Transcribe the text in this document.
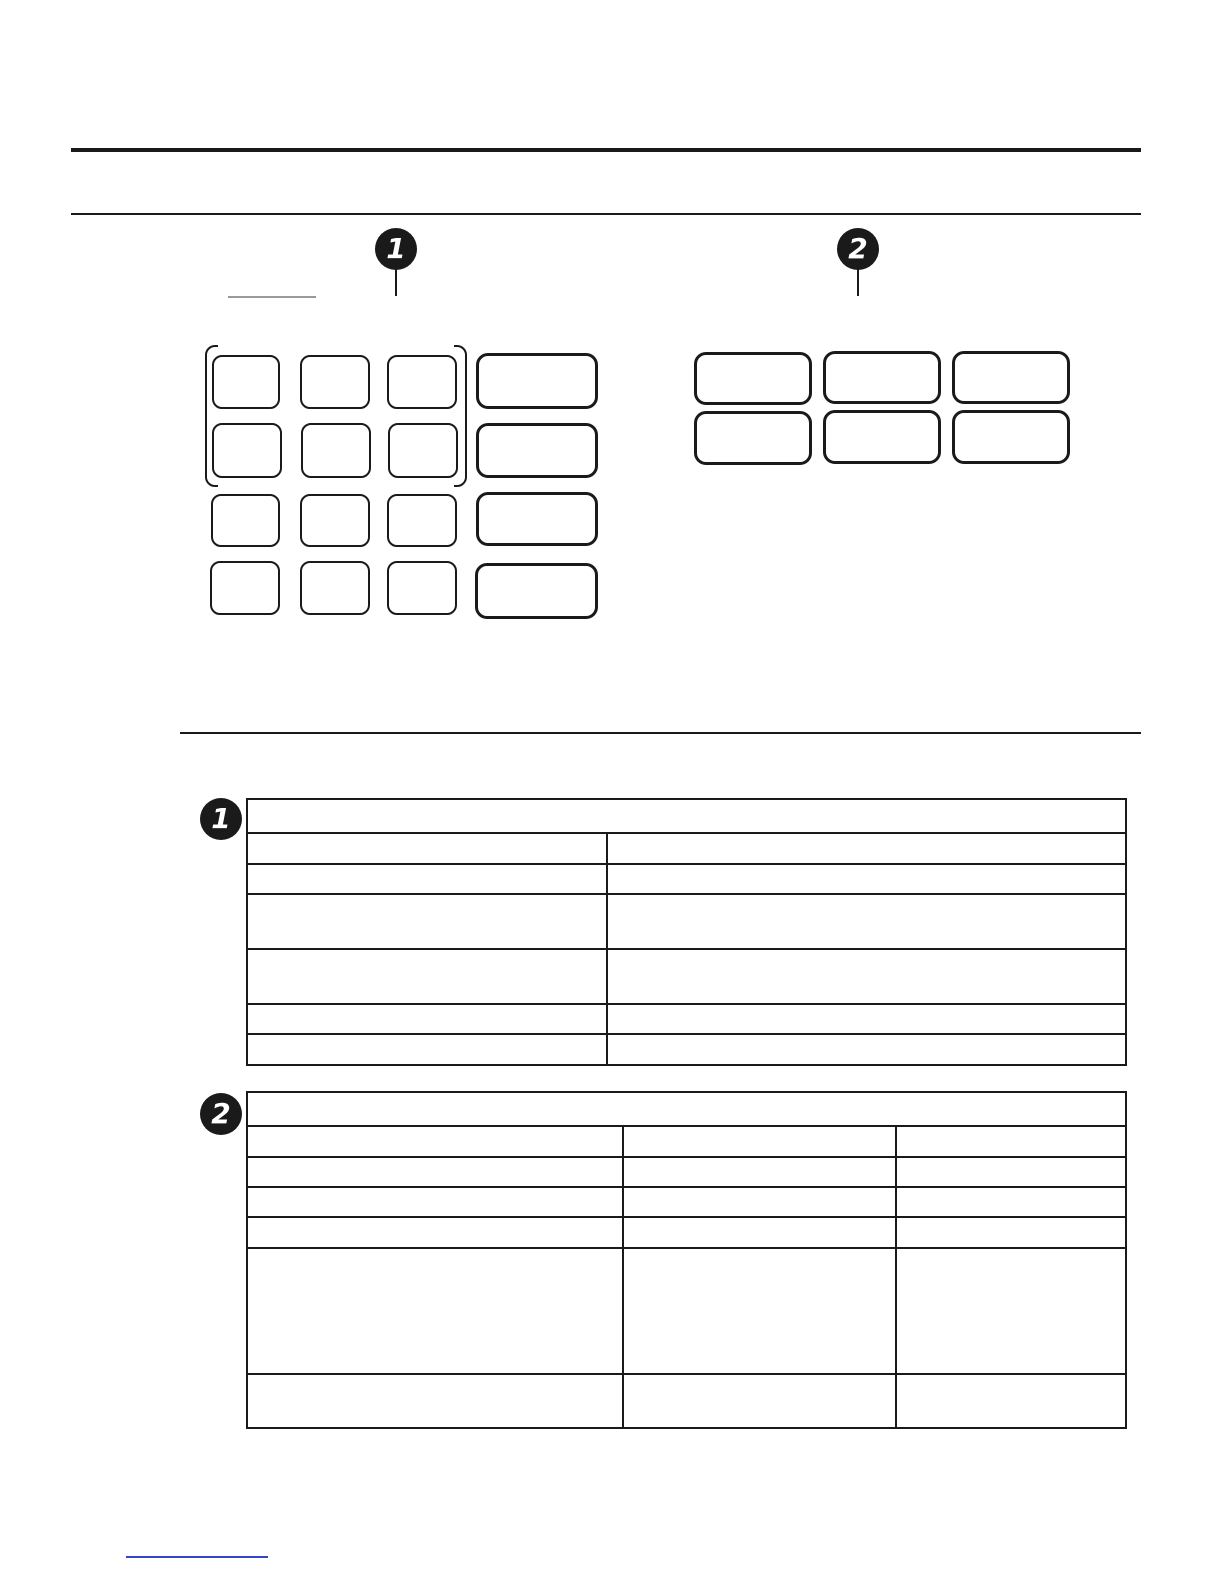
1	2
1

2
